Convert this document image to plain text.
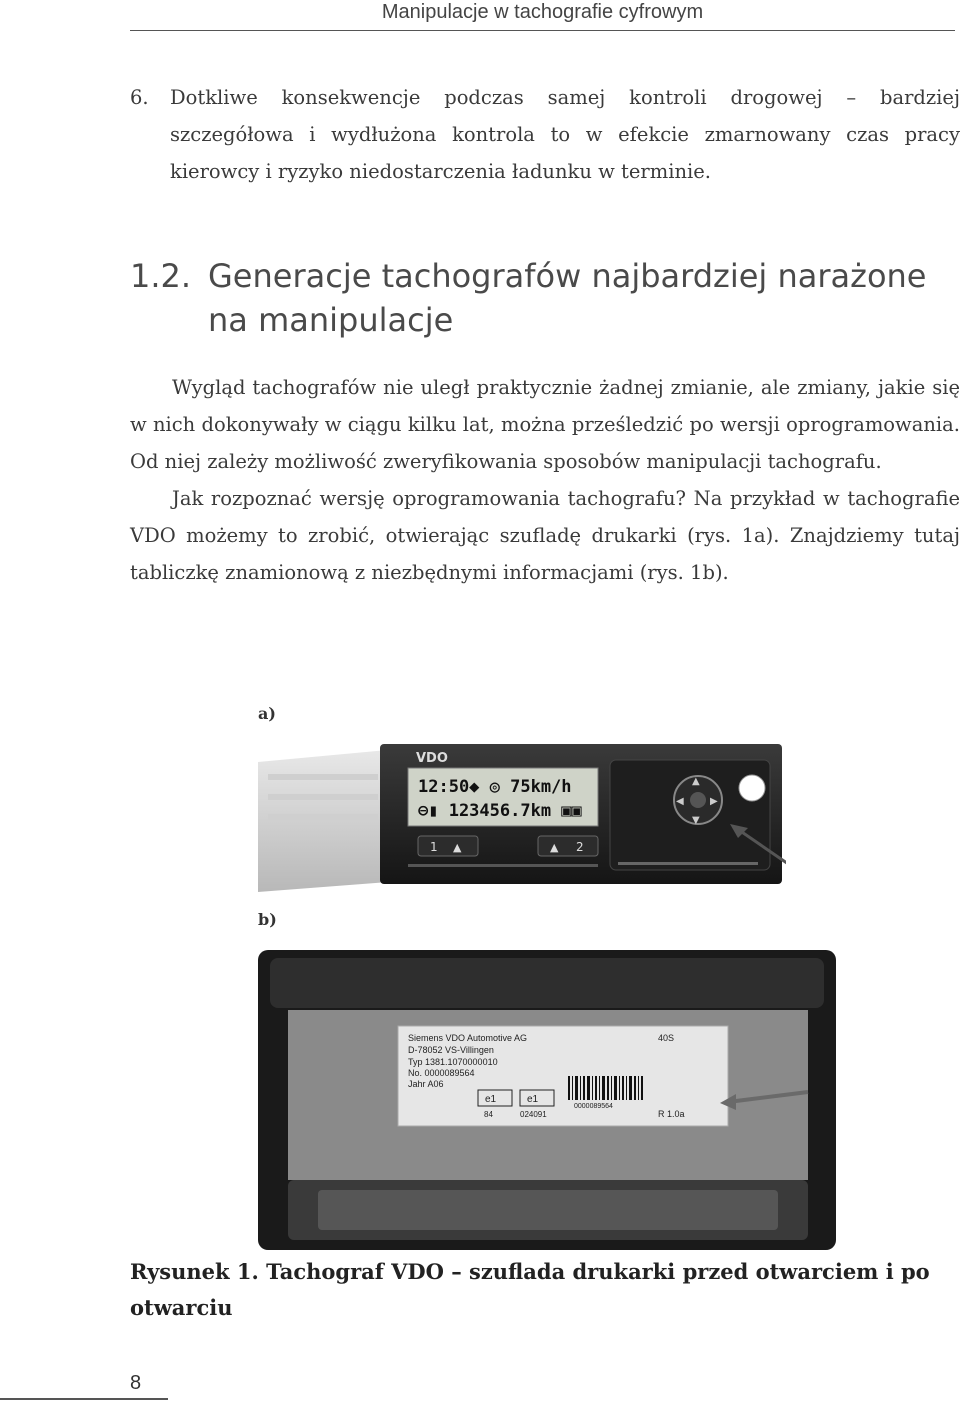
Manipulacje w tachografie cyfrowym
6. Dotkliwe konsekwencje podczas samej kontroli drogowej – bardziej szczegółowa i wydłużona kontrola to w efekcie zmarnowany czas pracy kierowcy i ryzyko niedostarczenia ładunku w terminie.
1.2. Generacje tachografów najbardziej narażone na manipulacje
Wygląd tachografów nie uległ praktycznie żadnej zmianie, ale zmiany, jakie się w nich dokonywały w ciągu kilku lat, można prześledzić po wersji oprogramowania. Od niej zależy możliwość zweryfikowania sposobów manipulacji tachografu.
Jak rozpoznać wersję oprogramowania tachografu? Na przykład w tachografie VDO możemy to zrobić, otwierając szufladę drukarki (rys. 1a). Znajdziemy tutaj tabliczkę znamionową z niezbędnymi informacjami (rys. 1b).
a)
VDO
12:50◆ ◎ 75km/h
⊖▮ 123456.7km ▣▣
1 ▲	▲ 2
▲
▼
◀	▶
b)
Siemens VDO Automotive AG	40S
D-78052 VS-Villingen
Typ 1381.1070000010
No. 0000089564
Jahr A06
e1	e1
84	024091
0000089564
R 1.0a
Rysunek 1. Tachograf VDO – szuflada drukarki przed otwarciem i po otwarciu
8
